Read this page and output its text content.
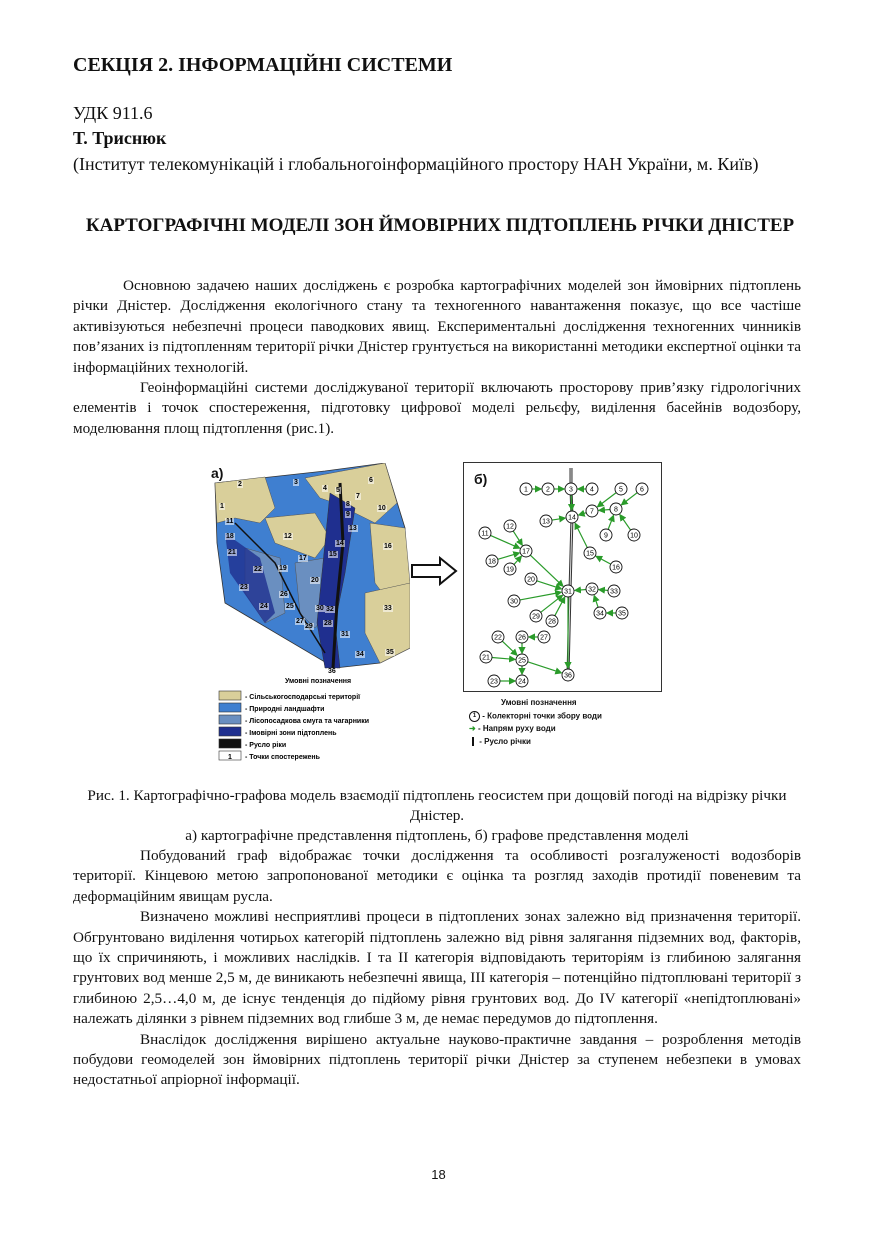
СЕКЦІЯ 2. ІНФОРМАЦІЙНІ СИСТЕМИ
УДК 911.6
Т. Триснюк
(Інститут телекомунікацій і глобальногоінформаційного простору НАН України, м. Київ)
КАРТОГРАФІЧНІ МОДЕЛІ ЗОН ЙМОВІРНИХ ПІДТОПЛЕНЬ РІЧКИ ДНІСТЕР

Основною задачею наших досліджень є розробка картографічних моделей зон ймовірних підтоплень річки Дністер. Дослідження екологічного стану та техногенного навантаження показує, що все частіше активізуються небезпечні процеси паводкових явищ. Експериментальні дослідження техногенних чинників пов’язаних із підтопленням території річки Дністер грунтується на використанні методики експертної оцінки та інформаційних технологій.

Геоінформаційні системи досліджуваної території включають просторову прив’язку гідрологічних елементів і точок спостереження, підготовку цифрової моделі рельєфу, виділення басейнів водозбору, моделювання площ підтоплення (рис.1).

Умовні позначення
- Сільськогосподарські території
- Природні ландшафти
- Лісопосадкова смуга та чагарники
- Імовірні зони підтоплень
- Русло ріки
1 - Точки спостережень
а)
1
2	3
4 5
6
7
8
9
10
11
12
13
14
15
16
17
18
19
20
21
22
23
24	25
26
27	28
29
30
31
32	33
34	35
36
б)
1	2	3 4	5 6
7	8
9	10
11
12
13
14
15
16
17
18
19
20
21
22
23	24
25
26 27
28
29
30
31 32 33
34 35
36
Умовні позначення
1 - Колекторні точки збору води
➜ - Напрям руху води
- Русло річки
Рис. 1. Картографічно-графова модель взаємодії підтоплень геосистем при дощовій погоді на відрізку річки Дністер.
а) картографічне представлення підтоплень, б) графове представлення моделі

Побудований граф відображає точки дослідження та особливості розгалуженості водозборів території. Кінцевою метою запропонованої методики є оцінка та розгляд заходів протидії повеневим та деформаційним явищам русла.

Визначено можливі несприятливі процеси в підтоплених зонах залежно від призначення території. Обгрунтовано виділення чотирьох категорій підтоплень залежно від рівня залягання підземних вод, факторів, що їх спричиняють, і можливих наслідків. І та ІІ категорія відповідають територіям із глибиною залягання грунтових вод менше 2,5 м, де виникають небезпечні явища, ІІІ категорія – потенційно підтоплювані території з глибиною 2,5…4,0 м, де існує тенденція до підйому рівня грунтових вод. До IV категорії «непідтоплювані» належать ділянки з рівнем підземних вод глибше 3 м, де немає передумов до підтоплення.

Внаслідок дослідження вирішено актуальне науково-практичне завдання – розроблення методів побудови геомоделей зон ймовірних підтоплень території річки Дністер за ступенем небезпеки в умовах недостатньої апріорної інформації.

18
